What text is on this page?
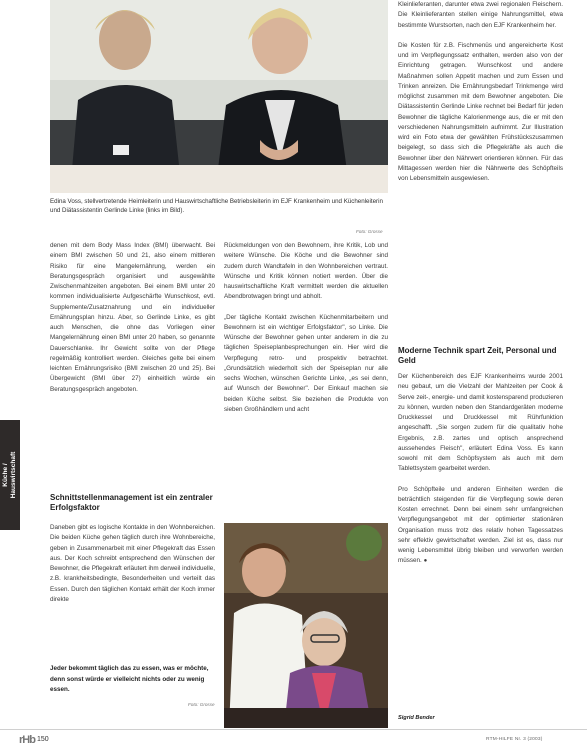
Edina Voss, stellvertretende Heimleiterin und Hauswirtschaftliche Betriebsleiterin im EJF Krankenheim und Küchenleiterin und Diätassistentin Gerlinde Linke (links im Bild).
Foto: Grosse

denen mit dem Body Mass Index (BMI) überwacht. Bei einem BMI zwischen 50 und 21, also einem mittleren Risiko für eine Mangelernährung, werden ein Beratungsgespräch organisiert und ausgewählte Zwischenmahlzeiten angeboten. Bei einem BMI unter 20 kommen individualisierte Aufgeschärfte Wunschkost, evtl. Supplemente/Zusatznahrung und ein individueller Ernährungsplan hinzu. Aber, so Gerlinde Linke, es gibt auch Menschen, die ohne das Vorliegen einer Mangelernährung einen BMI unter 20 haben, so genannte Dauerschlanke. Ihr Gewicht sollte von der Pflege regelmäßig kontrolliert werden. Gleiches gelte bei einem leichten Ernährungsrisiko (BMI zwischen 20 und 25). Bei Übergewicht (BMI über 27) einheitlich würde ein Beratungsgespräch angeboten.

Schnittstellenmanagement ist ein zentraler Erfolgsfaktor

Daneben gibt es logische Kontakte in den Wohnbereichen. Die beiden Küche gehen täglich durch ihre Wohnbereiche, geben in Zusammenarbeit mit einer Pflegekraft das Essen aus. Der Koch schreibt entsprechend den Wünschen der Bewohner, die Pflegekraft erläutert ihm derweil individuelle, z.B. krankheitsbedingte, Besonderheiten und verteilt das Essen. Durch den täglichen Kontakt erhält der Koch immer direkte

Jeder bekommt täglich das zu essen, was er möchte, denn sonst würde er vielleicht nichts oder zu wenig essen.
Foto: Grosse

Rückmeldungen von den Bewohnern, ihre Kritik, Lob und weitere Wünsche. Die Köche und die Bewohner sind zudem durch Wandtafeln in den Wohnbereichen vertraut. Wünsche und Kritik können notiert werden. Über die hauswirtschaftliche Kraft vermittelt werden die aktuellen Abendbrotwagen bringt und abholt.

„Der tägliche Kontakt zwischen Küchenmitarbeitern und Bewohnern ist ein wichtiger Erfolgsfaktor", so Linke. Die Wünsche der Bewohner gehen unter anderem in die zu täglichen Speiseplanbesprechungen ein. Hier wird die Verpflegung retro- und prospektiv betrachtet. „Grundsätzlich wiederholt sich der Speiseplan nur alle sechs Wochen, wünschen Gerichte Linke, „es sei denn, auf Wunsch der Bewohner". Der Einkauf machen sie beiden Küche selbst. Sie beziehen die Produkte von sieben Großhändlern und acht

Kleinlieferanten, darunter etwa zwei regionalen Fleischern. Die Kleinlieferanten stellen einige Nahrungsmittel, etwa bestimmte Wurstsorten, nach den EJF Krankenheim her.

Die Kosten für z.B. Fischmenüs und angereicherte Kost und im Verpflegungssatz enthalten, werden also von der Einrichtung getragen. Wunschkost und andere Maßnahmen sollen Appetit machen und zum Essen und Trinken anreizen. Die Ernährungsbedarf Trinkmenge wird möglichst zusammen mit dem Bewohner angeboten. Die Diätassistentin Gerlinde Linke rechnet bei Bedarf für jeden Bewohner die tägliche Kalorienmenge aus, die er mit den verschiedenen Nahrungsmitteln aufnimmt. Zur Illustration wird ein Foto etwa der gewählten Frühstückszusammen beigelegt, so dass sich die Pflegekräfte als auch die Bewohner über den Nährwert orientieren können. Für das Mittagessen werden hier die Nährwerte des Schöpfteils von Lebensmitteln ausgewiesen.

Moderne Technik spart Zeit, Personal und Geld

Der Küchenbereich des EJF Krankenheims wurde 2001 neu gebaut, um die Vielzahl der Mahlzeiten per Cook & Serve zeit-, energie- und damit kostensparend produzieren zu können, wurden neben den Standardgeräten moderne Druckkessel und Druckkessel mit Rührfunktion angeschafft. „Sie sorgen zudem für die qualitativ hohe Ergebnis, z.B. zartes und optisch ansprechend aussehendes Fleisch", erläutert Edina Voss. Es kann sowohl mit dem Schöpfsystem als auch mit dem Tablettsystem gearbeitet werden.

Pro Schöpfteile und anderen Einheiten werden die beträchtlich steigenden für die Verpflegung sowie deren Kosten errechnet. Denn bei einem sehr umfangreichen Verpflegungsangebot mit der optimierter stationären Organisation muss trotz des relativ hohen Tagessatzes sehr effektiv gewirtschaftet werden. Ziel ist es, dass nur wenig Lebensmittel übrig bleiben und verworfen werden müssen. ●

Sigrid Bender
Küche / Hauswirtschaft
rHb 150	RTM-HILFE Nr. 3 (2003)
